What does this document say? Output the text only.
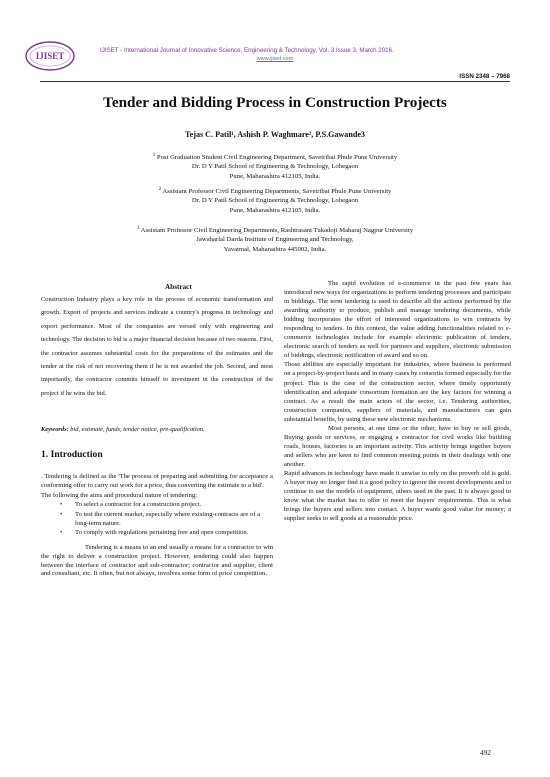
IJISET
IJISET - International Journal of Innovative Science, Engineering & Technology, Vol. 3 Issue 3, March 2016.
www.ijiset.com
ISSN 2348 – 7968
Tender and Bidding Process in Construction Projects
Tejas C. Patil¹, Ashish P. Waghmare², P.S.Gawande3
$^1$ Post Graduation Student Civil Engineering Department, Savetribai Phule Pune University
Dr. D Y Patil School of Engineering & Technology, Lohegaon
Pune, Maharashtra 412105, India.
$^2$ Assistant Professor Civil Engineering Departments, Savetribai Phule Pune University
Dr. D Y Patil School of Engineering & Technology, Lohegaon
Pune, Maharashtra 412105, India.
$^3$ Assistant Professor Civil Engineering Departments, Rashtrasant Tukadoji Maharaj Nagpur University
Jawaharlal Darda Institute of Engineering and Technology,
Yavatmal, Maharashtra 445002, India.
Abstract
Construction Industry plays a key role in the process of economic transformation and growth. Export of projects and services indicate a country's progress in technology and export performance. Most of the companies are versed only with engineering and technology. The decision to bid is a major financial decision because of two reasons. First, the contractor assumes substantial costs for the preparations of the estimates and the tender at the risk of not recovering them if he is not awarded the job. Second, and most importantly, the contractor commits himself to investment in the construction of the project if he wins the bid.
Keywords: bid, estimate, funds, tender notice, pre-qualification.
1. Introduction
. Tendering is defined as the 'The process of preparing and submitting for acceptance a conforming offer to carry out work for a price, thus converting the estimate to a bid'.
The following the aims and procedural nature of tendering;
• To select a contractor for a construction project.
• To test the current market, especially where existing-contracts are of a long-term nature.
• To comply with regulations pertaining free and open competition.
Tendering is a means to an end usually a means for a contractor to win the right to deliver a construction project. However, tendering could also happen between the interface of contractor and sub-contractor; contractor and supplier, client and consultant, etc. It often, but not always, involves some form of price competition.

The rapid evolution of e-commerce in the past few years has introduced new ways for organizations to perform tendering processes and participate in biddings. The term tendering is used to describe all the actions performed by the awarding authority to produce, publish and manage tendering documents, while bidding incorporates the effort of interested organizations to win contracts by responding to tenders. In this context, the value adding functionalities related to e-commerce technologies include for example electronic publication of tenders, electronic search of tenders as well for partners and suppliers, electronic submission of biddings, electronic notification of award and so on.

Those abilities are especially important for industries, where business is performed on a project-by-project basis and in many cases by consortia formed especially for the project. This is the case of the construction sector, where timely opportunity identification and adequate consortium formation are the key factors for winning a contract. As a result the main actors of the sector, i.e. Tendering authorities, construction companies, suppliers of materials, and manufacturers can gain substantial benefits, by using these new electronic mechanisms.

Most persons, at one time or the other, have to buy or sell goods, Buying goods or services, or engaging a contractor for civil works like building roads, houses, factories is an important activity. This activity brings together buyers and sellers who are keen to find common meeting points in their dealings with one another.

Rapid advances in technology have made it unwise to rely on the proverb old is gold. A buyer may no longer find it a good policy to ignore the recent developments and to continue to use the models of equipment, others used in the past. It is always good to know what the market has to offer to meet the buyers' requirements. This is what brings the buyers and sellers into contact. A buyer wants good value for money; a supplier seeks to sell goods at a reasonable price.

492
